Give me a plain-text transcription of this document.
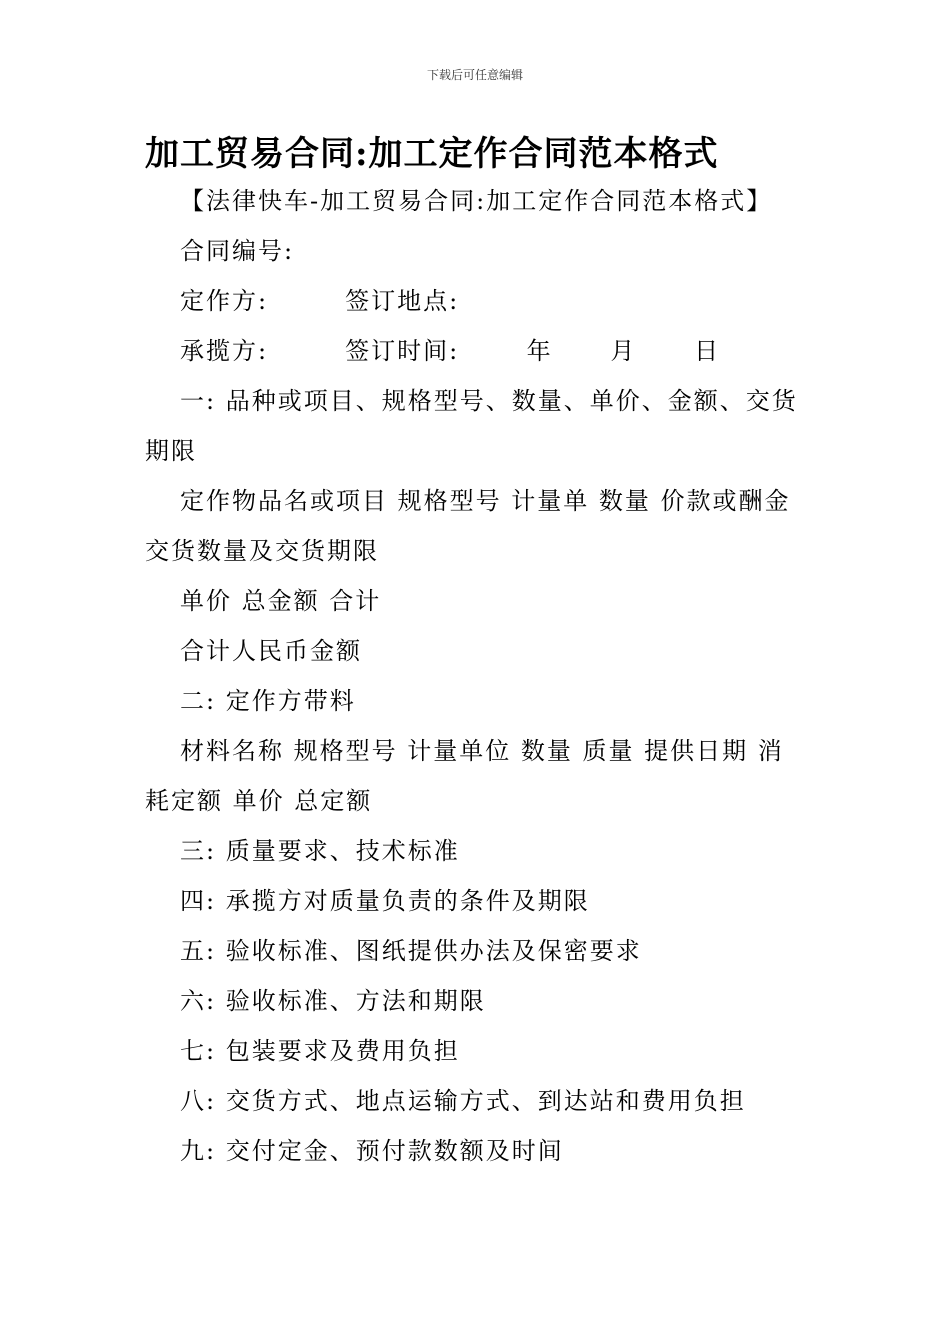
下载后可任意编辑
加工贸易合同:加工定作合同范本格式

【法律快车-加工贸易合同:加工定作合同范本格式】

合同编号:

定作方:        签订地点:

承揽方:        签订时间:       年      月      日

一: 品种或项目、规格型号、数量、单价、金额、交货期限

定作物品名或项目 规格型号 计量单 数量 价款或酬金交货数量及交货期限

单价 总金额 合计

合计人民币金额

二: 定作方带料

材料名称 规格型号 计量单位 数量 质量 提供日期 消耗定额 单价 总定额

三: 质量要求、技术标准

四: 承揽方对质量负责的条件及期限

五: 验收标准、图纸提供办法及保密要求

六: 验收标准、方法和期限

七: 包装要求及费用负担

八: 交货方式、地点运输方式、到达站和费用负担

九: 交付定金、预付款数额及时间
